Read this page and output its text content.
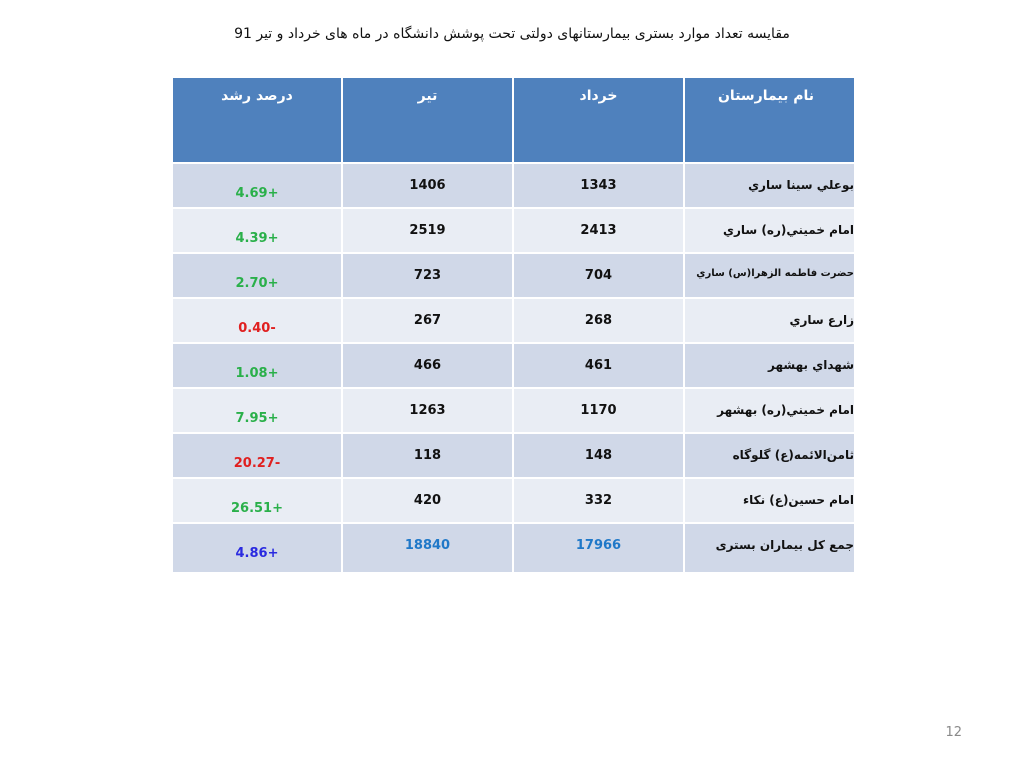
مقایسه تعداد موارد بستری بیمارستانهای دولتی تحت پوشش دانشگاه در ماه های خرداد و تیر 91
نام بیمارستان	خرداد	تیر	درصد رشد
بوعلي سينا ساري	1343	1406	+4.69
امام خميني(ره) ساري	2413	2519	+4.39
حضرت فاطمه الزهرا(س) ساري	704	723	+2.70
زارع ساري	268	267	-0.40
شهداي بهشهر	461	466	+1.08
امام خميني(ره) بهشهر	1170	1263	+7.95
ثامن‌الائمه(ع) گلوگاه	148	118	-20.27
امام حسين(ع) نكاء	332	420	+26.51
جمع كل بيماران بستری	17966	18840	+4.86
12
